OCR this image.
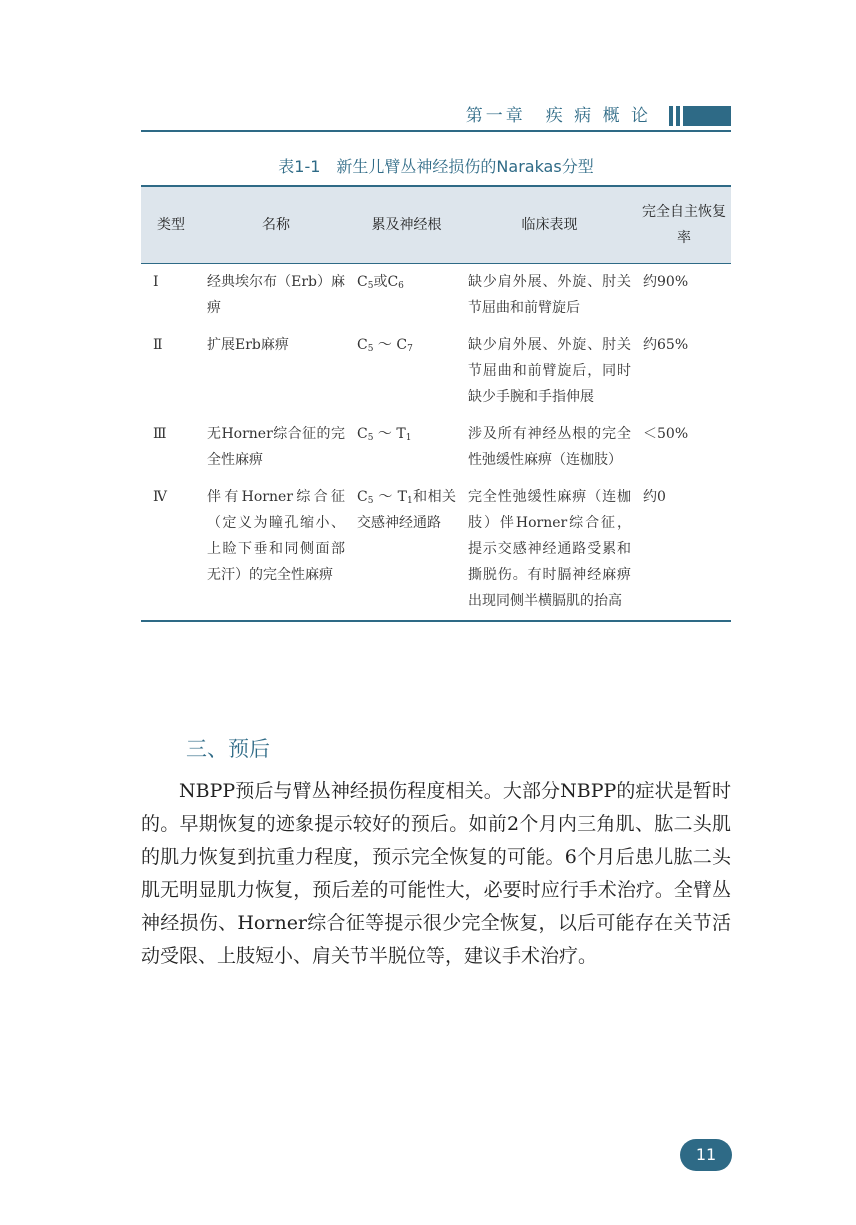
第一章　疾 病 概 论
表1-1　新生儿臂丛神经损伤的Narakas分型
类型	名称	累及神经根	临床表现	完全自主恢复率
Ⅰ	经典埃尔布（Erb）麻痹	$C_5$或$C_6$	缺少肩外展、外旋、肘关节屈曲和前臂旋后	约90%
Ⅱ	扩展Erb麻痹	$C_5$ ～ $C_7$	缺少肩外展、外旋、肘关节屈曲和前臂旋后，同时缺少手腕和手指伸展	约65%
Ⅲ	无Horner综合征的完全性麻痹	$C_5$ ～ $T_1$	涉及所有神经丛根的完全性弛缓性麻痹（连枷肢）	＜50%
Ⅳ	伴有Horner综合征（定义为瞳孔缩小、上睑下垂和同侧面部无汗）的完全性麻痹	$C_5$ ～ $T_1$和相关交感神经通路	完全性弛缓性麻痹（连枷肢）伴Horner综合征，提示交感神经通路受累和撕脱伤。有时膈神经麻痹出现同侧半横膈肌的抬高	约0
三、预后

NBPP预后与臂丛神经损伤程度相关。大部分NBPP的症状是暂时的。早期恢复的迹象提示较好的预后。如前2个月内三角肌、肱二头肌的肌力恢复到抗重力程度，预示完全恢复的可能。6个月后患儿肱二头肌无明显肌力恢复，预后差的可能性大，必要时应行手术治疗。全臂丛神经损伤、Horner综合征等提示很少完全恢复，以后可能存在关节活动受限、上肢短小、肩关节半脱位等，建议手术治疗。

11
